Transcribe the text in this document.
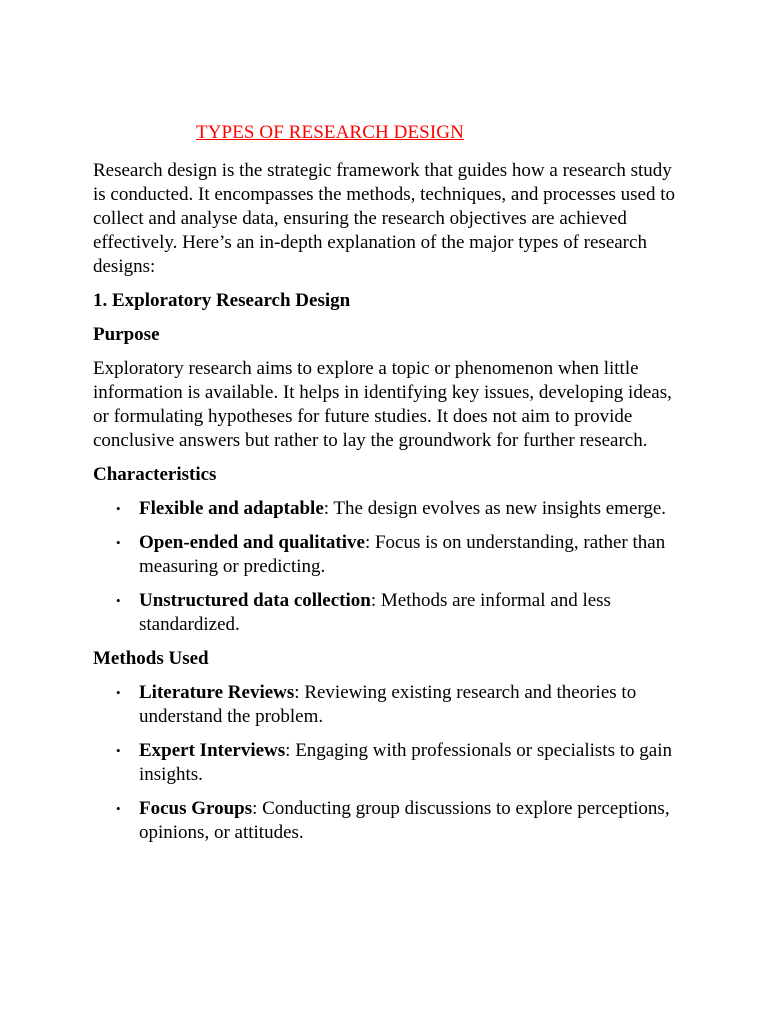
TYPES OF RESEARCH DESIGN

Research design is the strategic framework that guides how a research study is conducted. It encompasses the methods, techniques, and processes used to collect and analyse data, ensuring the research objectives are achieved effectively. Here’s an in-depth explanation of the major types of research designs:

1. Exploratory Research Design
Purpose

Exploratory research aims to explore a topic or phenomenon when little information is available. It helps in identifying key issues, developing ideas, or formulating hypotheses for future studies. It does not aim to provide conclusive answers but rather to lay the groundwork for further research.

Characteristics
• Flexible and adaptable: The design evolves as new insights emerge.
• Open-ended and qualitative: Focus is on understanding, rather than measuring or predicting.
• Unstructured data collection: Methods are informal and less standardized.
Methods Used
• Literature Reviews: Reviewing existing research and theories to understand the problem.
• Expert Interviews: Engaging with professionals or specialists to gain insights.
• Focus Groups: Conducting group discussions to explore perceptions, opinions, or attitudes.
